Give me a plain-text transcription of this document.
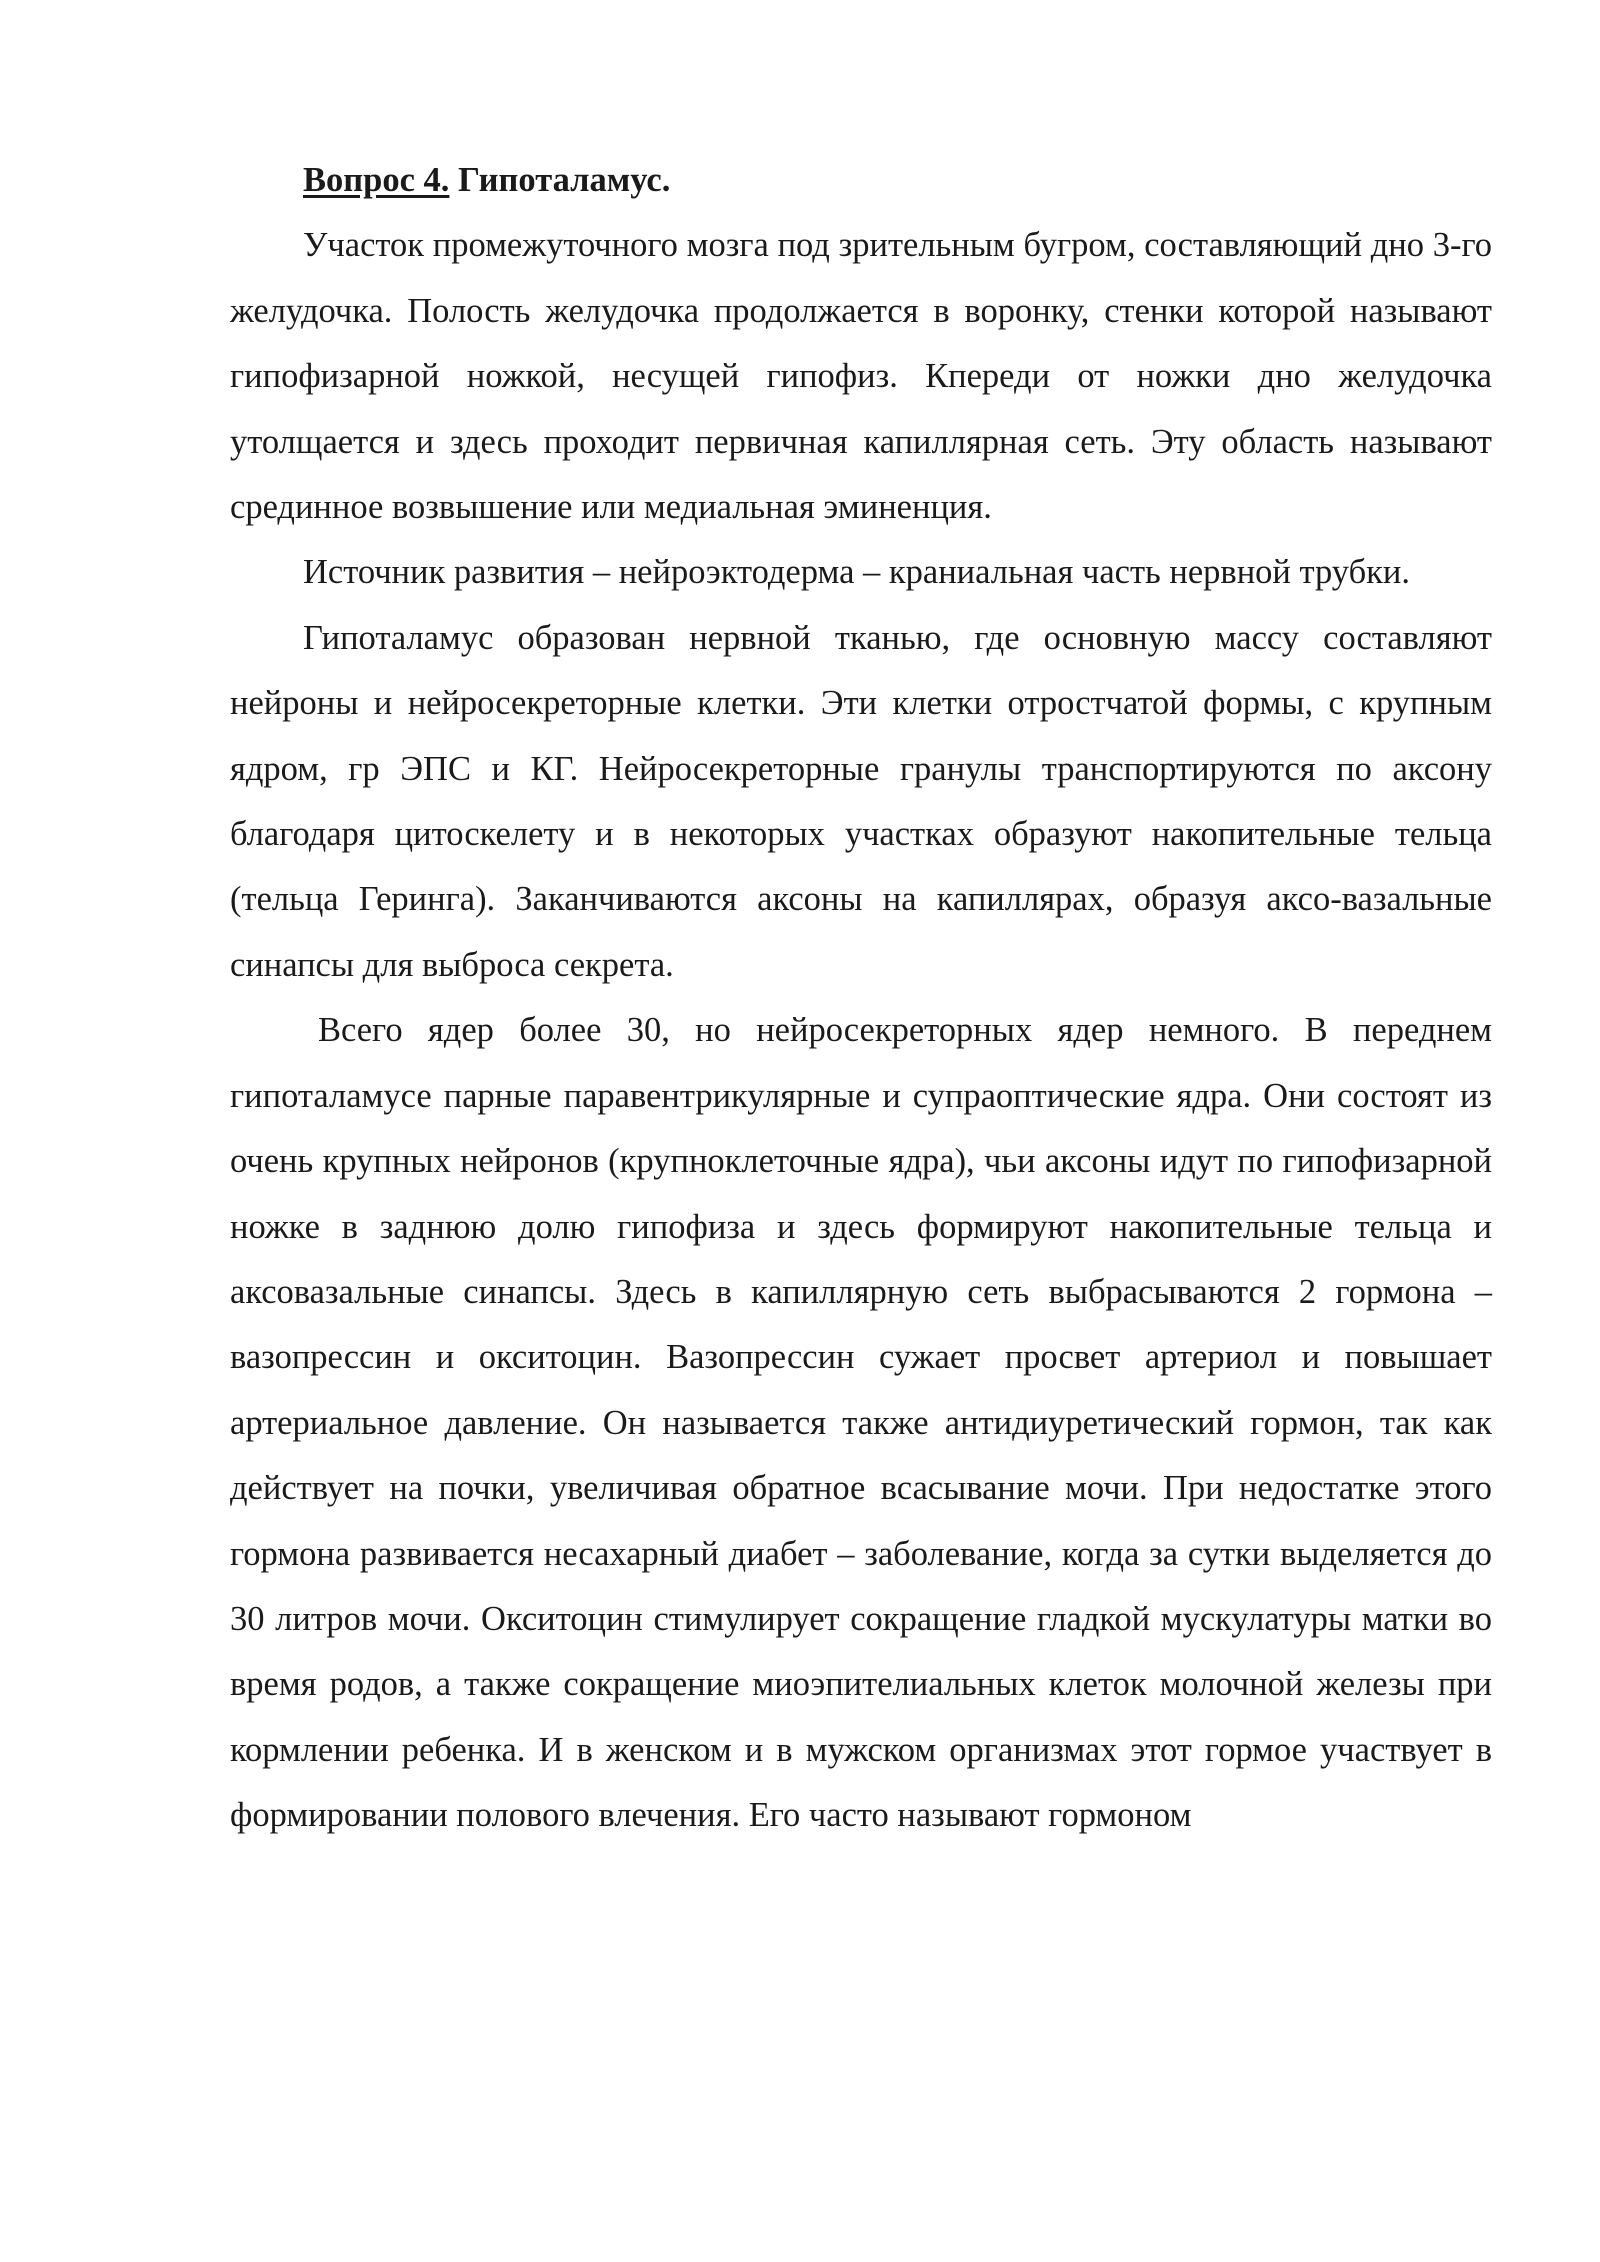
Вопрос 4. Гипоталамус.

Участок промежуточного мозга под зрительным бугром, составляющий дно 3-го желудочка. Полость желудочка продолжается в воронку, стенки которой называют гипофизарной ножкой, несущей гипофиз. Кпереди от ножки дно желудочка утолщается и здесь проходит первичная капиллярная сеть. Эту область называют срединное возвышение или медиальная эминенция.

Источник развития – нейроэктодерма – краниальная часть нервной трубки.

Гипоталамус образован нервной тканью, где основную массу составляют нейроны и нейросекреторные клетки. Эти клетки отростчатой формы, с крупным ядром, гр ЭПС и КГ. Нейросекреторные гранулы транспортируются по аксону благодаря цитоскелету и в некоторых участках образуют накопительные тельца (тельца Геринга). Заканчиваются аксоны на капиллярах, образуя аксо-вазальные синапсы для выброса секрета.

Всего ядер более 30, но нейросекреторных ядер немного. В переднем гипоталамусе парные паравентрикулярные и супраоптические ядра. Они состоят из очень крупных нейронов (крупноклеточные ядра), чьи аксоны идут по гипофизарной ножке в заднюю долю гипофиза и здесь формируют накопительные тельца и аксовазальные синапсы. Здесь в капиллярную сеть выбрасываются 2 гормона – вазопрессин и окситоцин. Вазопрессин сужает просвет артериол и повышает артериальное давление. Он называется также антидиуретический гормон, так как действует на почки, увеличивая обратное всасывание мочи. При недостатке этого гормона развивается несахарный диабет – заболевание, когда за сутки выделяется до 30 литров мочи. Окситоцин стимулирует сокращение гладкой мускулатуры матки во время родов, а также сокращение миоэпителиальных клеток молочной железы при кормлении ребенка. И в женском и в мужском организмах этот гормое участвует в формировании полового влечения. Его часто называют гормоном
